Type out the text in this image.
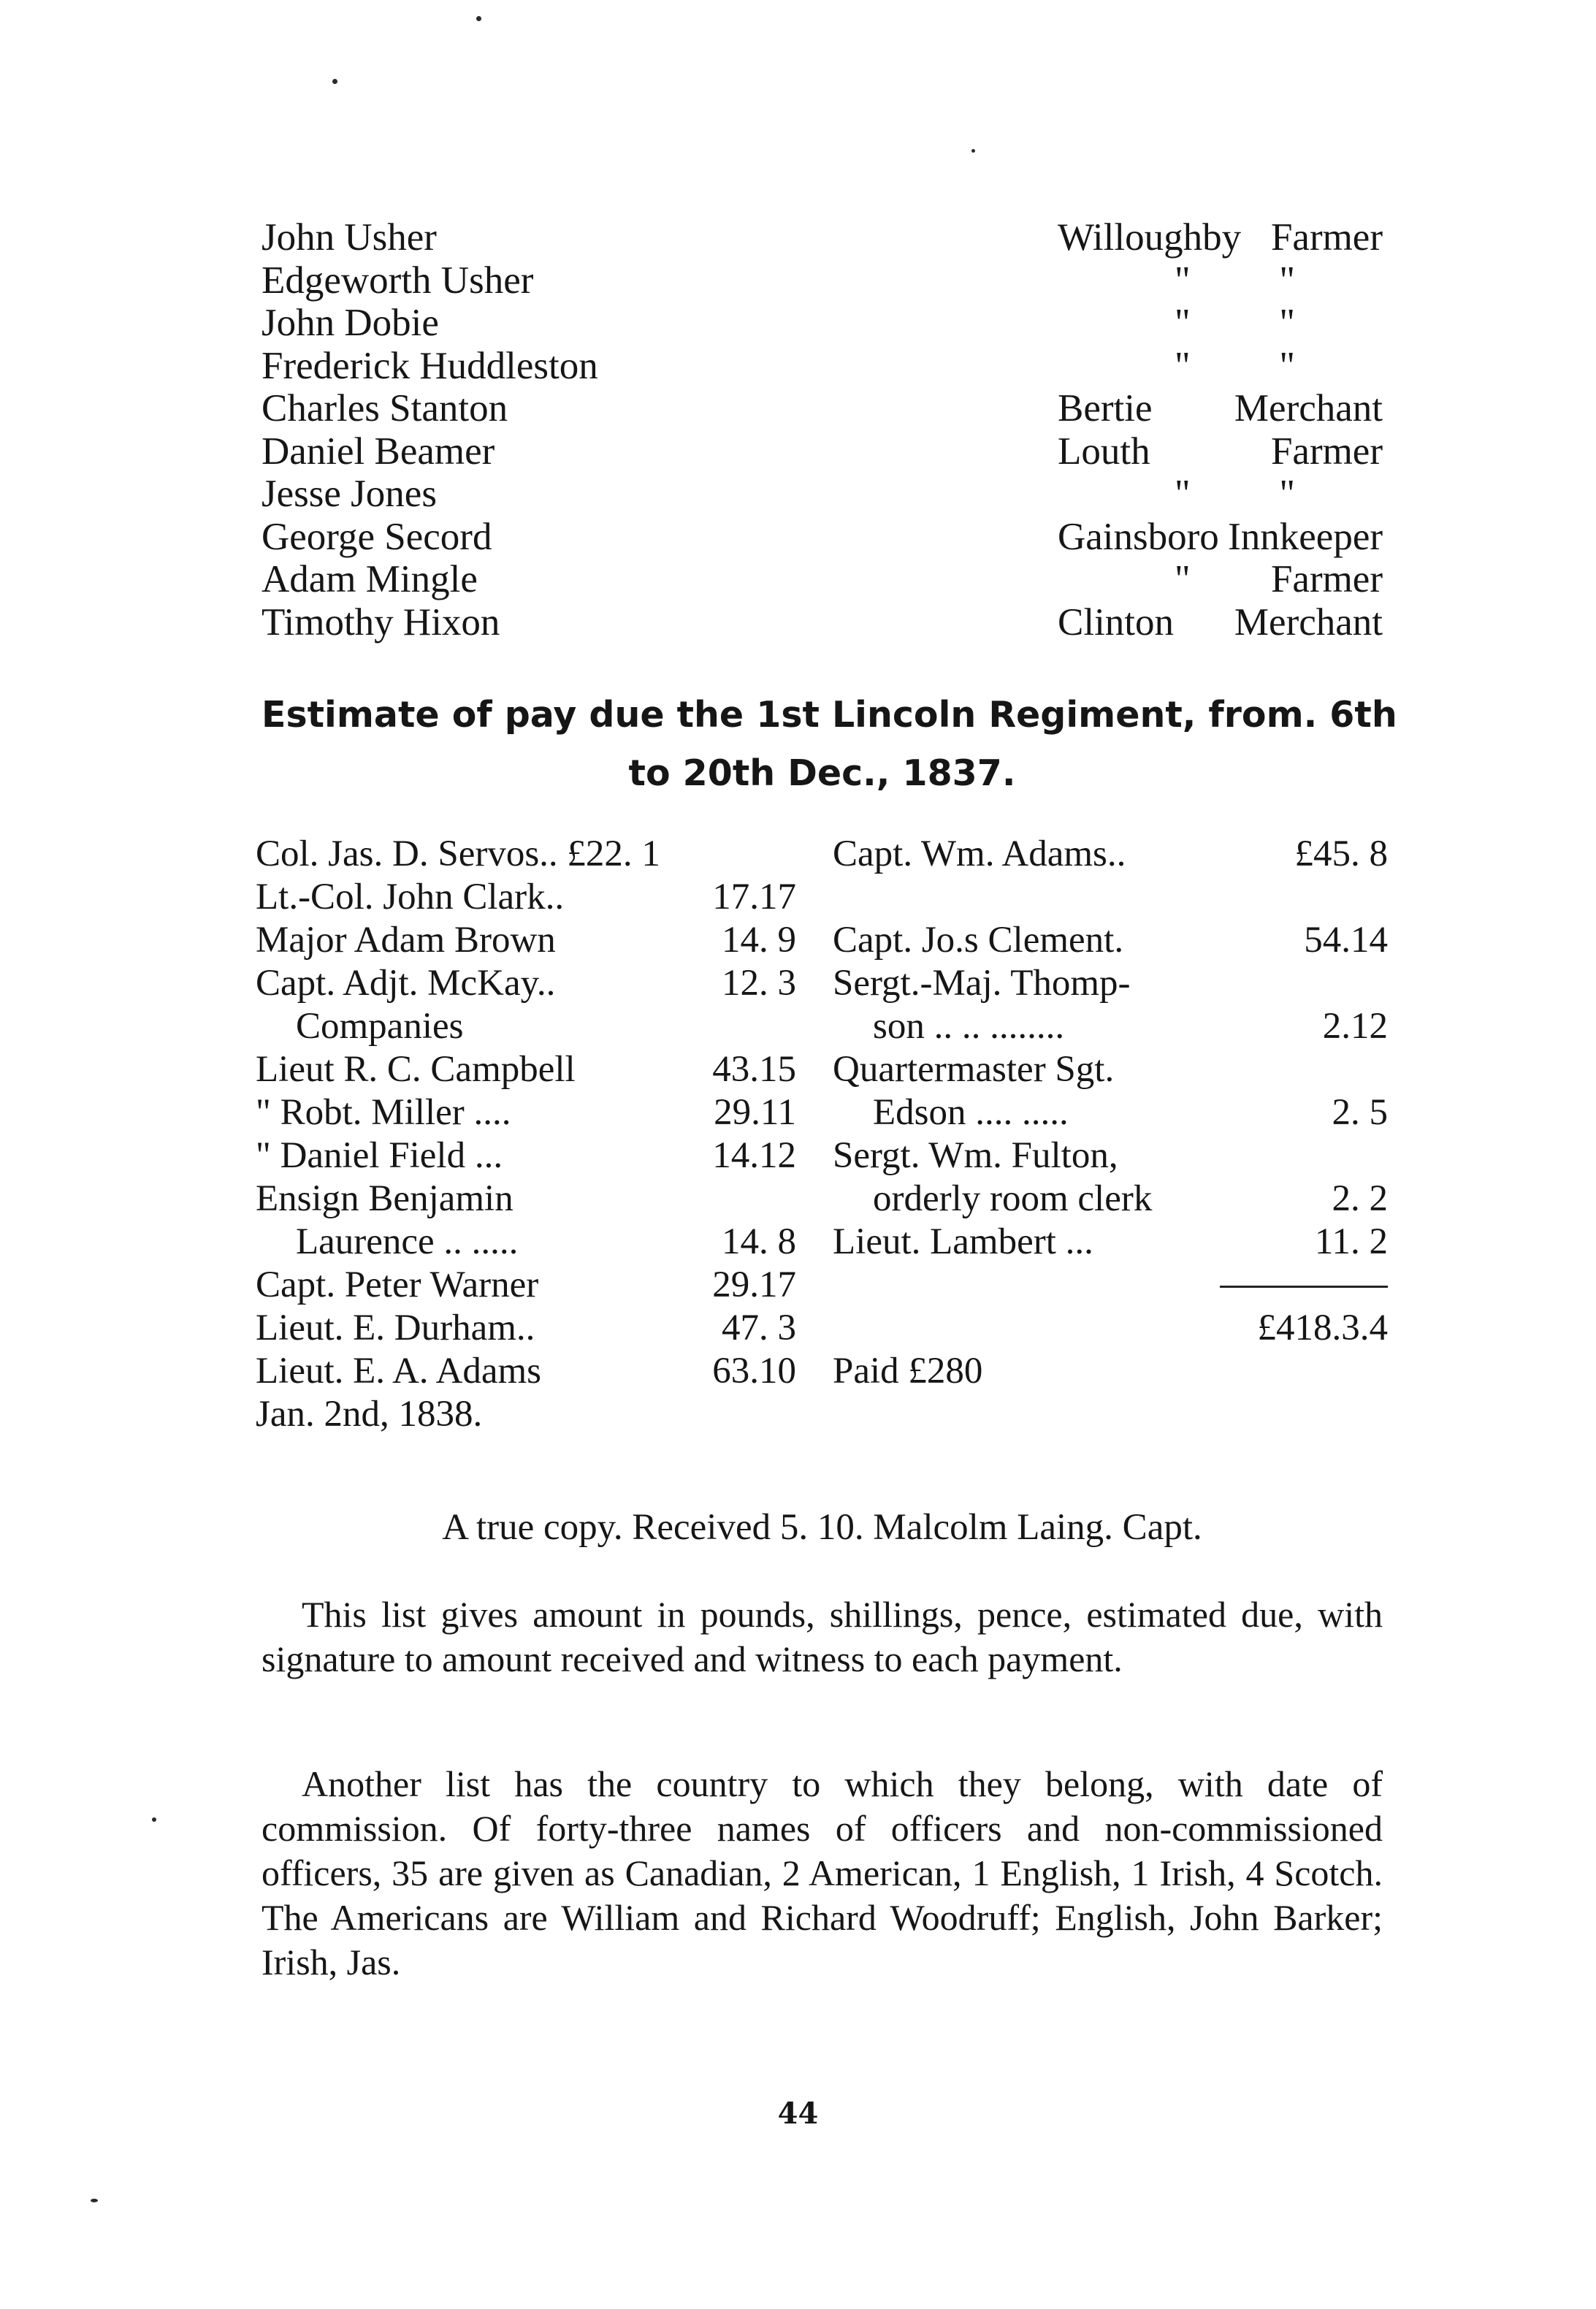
John Usher	Willoughby Farmer
Edgeworth Usher	" "
John Dobie	" "
Frederick Huddleston	" "
Charles Stanton	Bertie Merchant
Daniel Beamer	Louth	Farmer
Jesse Jones	" "
George Secord	Gainsboro Innkeeper
Adam Mingle	" Farmer
Timothy Hixon	Clinton Merchant
Estimate of pay due the 1st Lincoln Regiment, from. 6th
to 20th Dec., 1837.
Col. Jas. D. Servos.. £22. 1
Lt.-Col. John Clark..	17.17
Major Adam Brown	14. 9
Capt. Adjt. McKay..	12. 3
Companies
Lieut R. C. Campbell	43.15
" Robt. Miller ....	29.11
" Daniel Field ...	14.12
Ensign Benjamin
Laurence .. .....	14. 8
Capt. Peter Warner	29.17
Lieut. E. Durham..	47. 3
Lieut. E. A. Adams	63.10
Jan. 2nd, 1838.
Capt. Wm. Adams..	£45. 8
Capt. Jo.s Clement.	54.14
Sergt.-Maj. Thomp-
son .. .. ........	2.12
Quartermaster Sgt.
Edson .... .....	2. 5
Sergt. Wm. Fulton,
orderly room clerk	2. 2
Lieut. Lambert ...	11. 2
£418.3.4
Paid £280
A true copy. Received 5. 10. Malcolm Laing. Capt.

This list gives amount in pounds, shillings, pence, estimated due, with signature to amount received and witness to each payment.

Another list has the country to which they belong, with date of commission. Of forty-three names of officers and non-commissioned officers, 35 are given as Canadian, 2 American, 1 English, 1 Irish, 4 Scotch. The Americans are William and Richard Woodruff; English, John Barker; Irish, Jas.

44
